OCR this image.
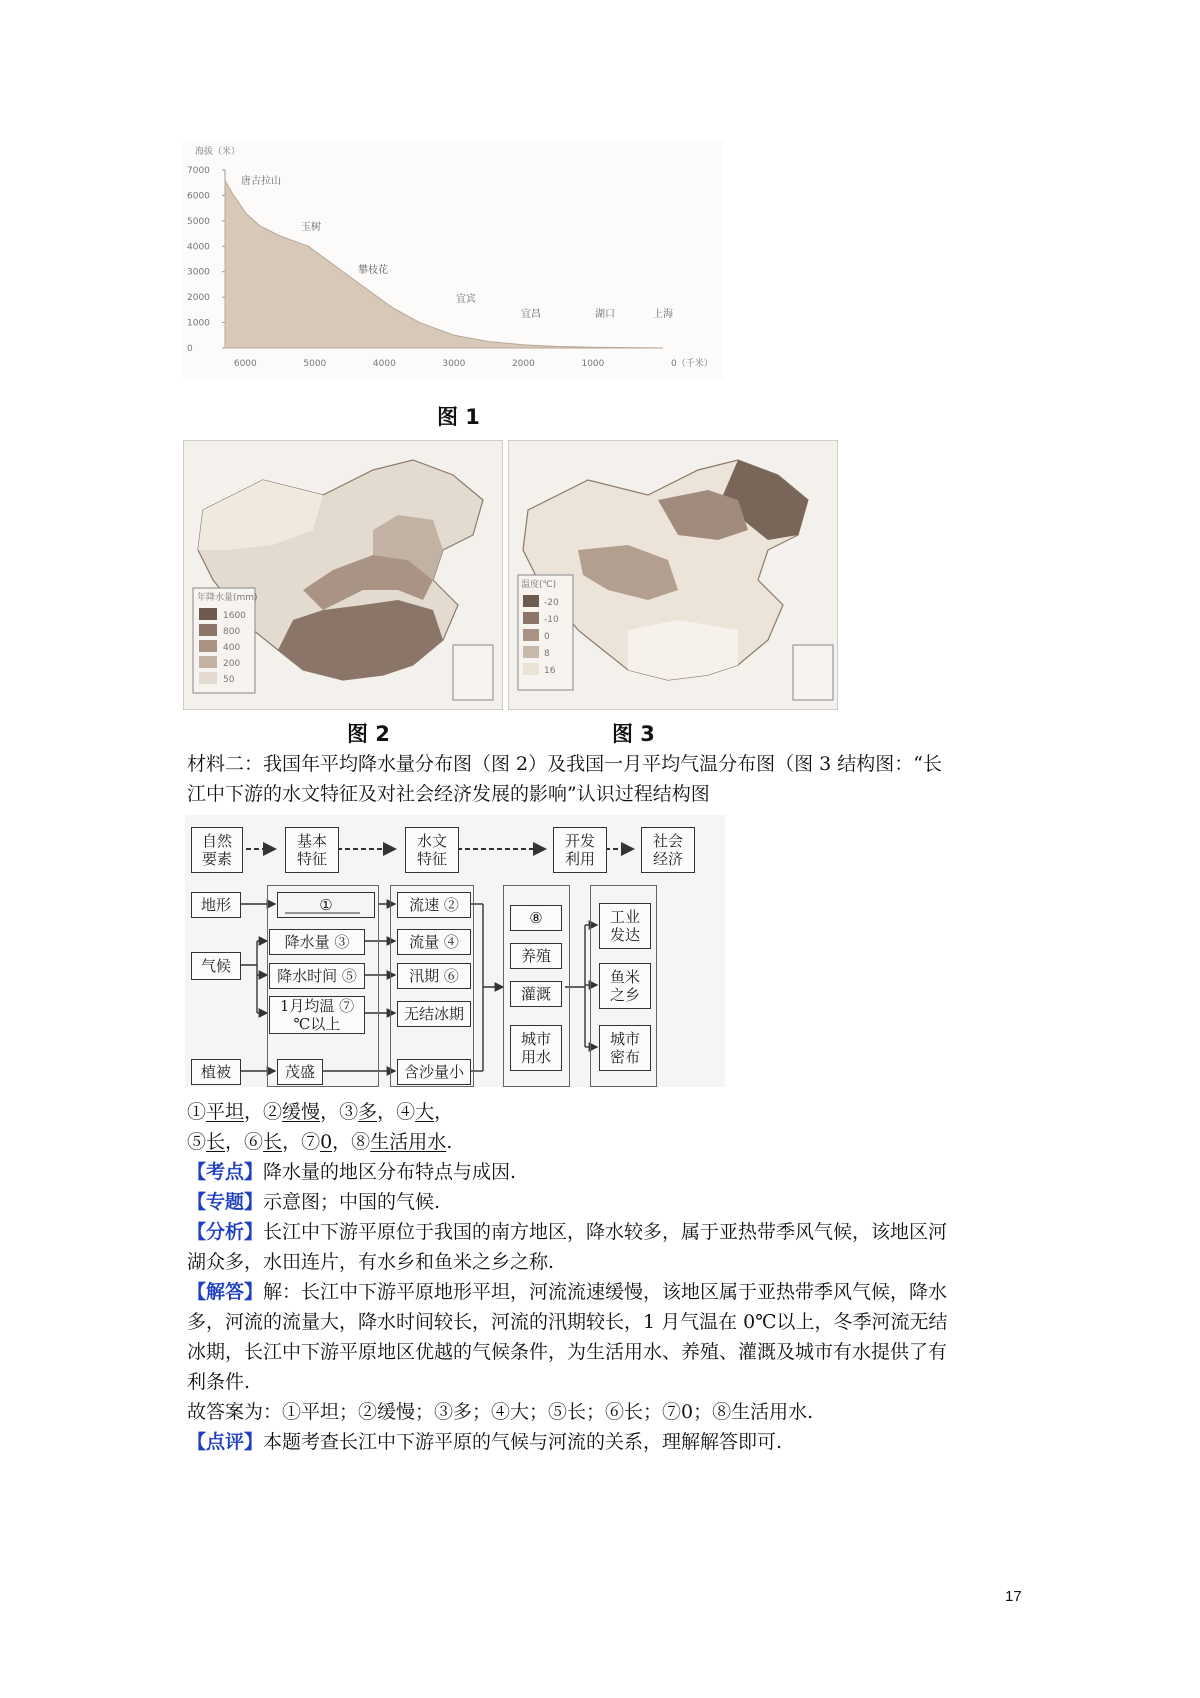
海拔（米）
7000
6000
5000
4000
3000
2000
1000
0
6000	5000	4000	3000	2000	1000
唐古拉山
玉树
攀枝花
宜宾
宜昌	湖口	上海
0（千米）
图 1
年降水量(mm)
1600
800
400
200
50
温度(℃)
-20
-10
0
8
16
图 2	图 3
材料二：我国年平均降水量分布图（图 2）及我国一月平均气温分布图（图 3 结构图：“长
江中下游的水文特征及对社会经济发展的影响”认识过程结构图
自然
要素
基本
特征
水文
特征
开发
利用
社会
经济
地形
气候
植被
①
降水量 ③
降水时间 ⑤
1月均温 ⑦
℃以上
茂盛
流速 ②
流量 ④
汛期 ⑥
无结冰期
含沙量小
⑧
养殖
灌溉
城市
用水
工业
发达
鱼米
之乡
城市
密布
①平坦，②缓慢，③多，④大，
⑤长，⑥长，⑦0，⑧生活用水.
【考点】降水量的地区分布特点与成因.
【专题】示意图；中国的气候.
【分析】长江中下游平原位于我国的南方地区，降水较多，属于亚热带季风气候，该地区河
湖众多，水田连片，有水乡和鱼米之乡之称.
【解答】解：长江中下游平原地形平坦，河流流速缓慢，该地区属于亚热带季风气候，降水
多，河流的流量大，降水时间较长，河流的汛期较长，1 月气温在 0℃以上，冬季河流无结
冰期，长江中下游平原地区优越的气候条件，为生活用水、养殖、灌溉及城市有水提供了有
利条件.
故答案为：①平坦；②缓慢；③多；④大；⑤长；⑥长；⑦0；⑧生活用水.
【点评】本题考查长江中下游平原的气候与河流的关系，理解解答即可.
17
